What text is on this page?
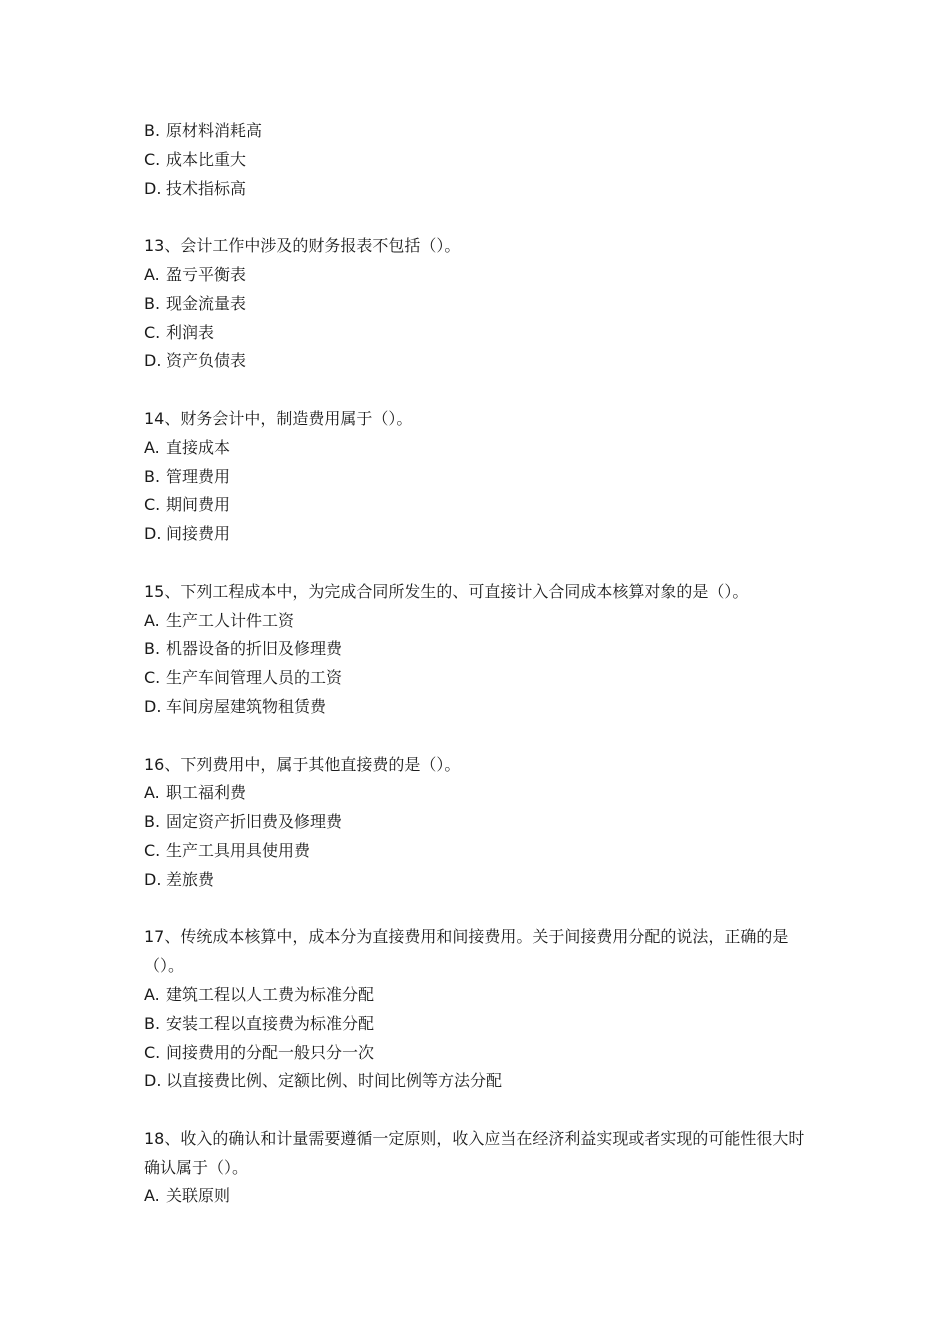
B. 原材料消耗高
C. 成本比重大
D. 技术指标高
13、会计工作中涉及的财务报表不包括（）。
A. 盈亏平衡表
B. 现金流量表
C. 利润表
D. 资产负债表
14、财务会计中，制造费用属于（）。
A. 直接成本
B. 管理费用
C. 期间费用
D. 间接费用
15、下列工程成本中，为完成合同所发生的、可直接计入合同成本核算对象的是（）。
A. 生产工人计件工资
B. 机器设备的折旧及修理费
C. 生产车间管理人员的工资
D. 车间房屋建筑物租赁费
16、下列费用中，属于其他直接费的是（）。
A. 职工福利费
B. 固定资产折旧费及修理费
C. 生产工具用具使用费
D. 差旅费
17、传统成本核算中，成本分为直接费用和间接费用。关于间接费用分配的说法，正确的是（）。
A. 建筑工程以人工费为标准分配
B. 安装工程以直接费为标准分配
C. 间接费用的分配一般只分一次
D. 以直接费比例、定额比例、时间比例等方法分配
18、收入的确认和计量需要遵循一定原则，收入应当在经济利益实现或者实现的可能性很大时确认属于（）。
A. 关联原则
